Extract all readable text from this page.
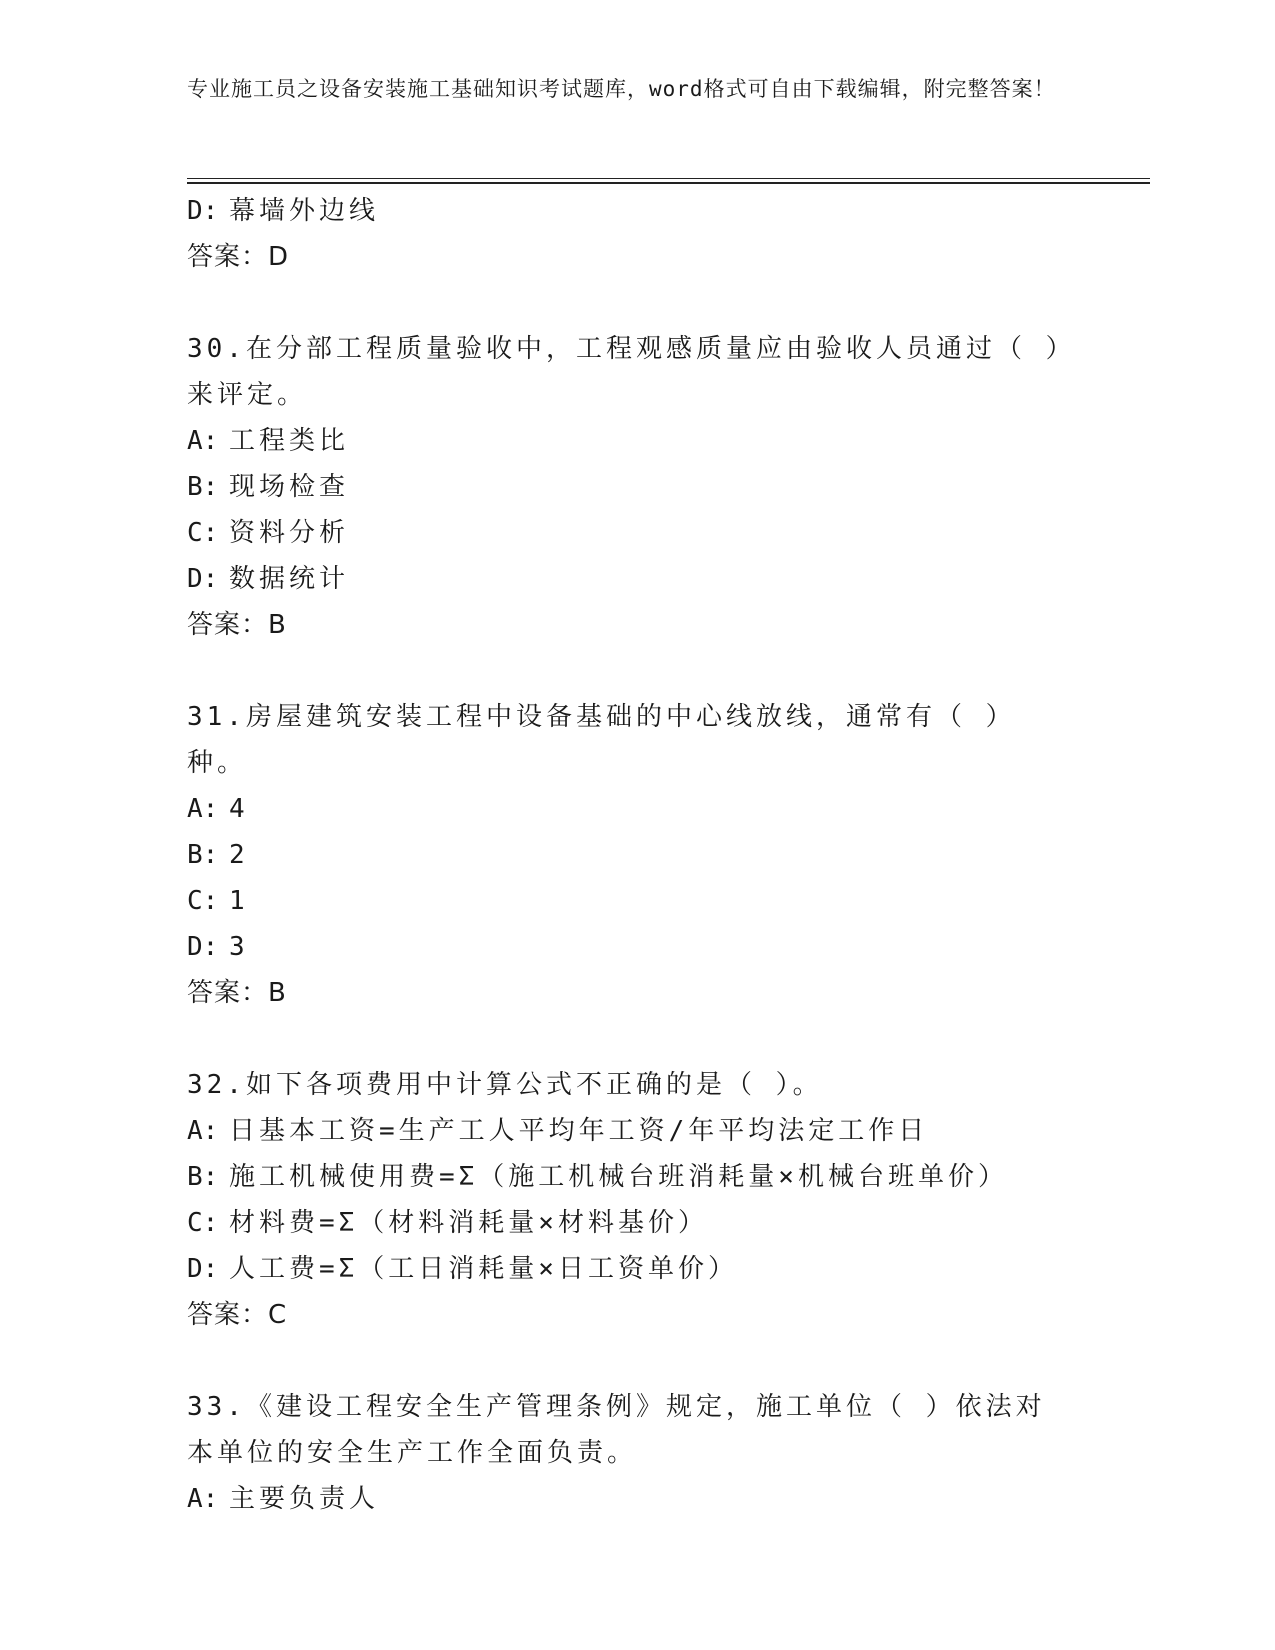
专业施工员之设备安装施工基础知识考试题库，word格式可自由下载编辑，附完整答案！
D: 幕墙外边线
答案：D
30.在分部工程质量验收中，工程观感质量应由验收人员通过（ ）来评定。
A: 工程类比
B: 现场检查
C: 资料分析
D: 数据统计
答案：B
31.房屋建筑安装工程中设备基础的中心线放线，通常有（ ）种。
A: 4
B: 2
C: 1
D: 3
答案：B
32.如下各项费用中计算公式不正确的是（ ）。
A: 日基本工资=生产工人平均年工资/年平均法定工作日
B: 施工机械使用费=Σ（施工机械台班消耗量×机械台班单价）
C: 材料费=Σ（材料消耗量×材料基价）
D: 人工费=Σ（工日消耗量×日工资单价）
答案：C
33.《建设工程安全生产管理条例》规定，施工单位（ ）依法对本单位的安全生产工作全面负责。
A: 主要负责人
